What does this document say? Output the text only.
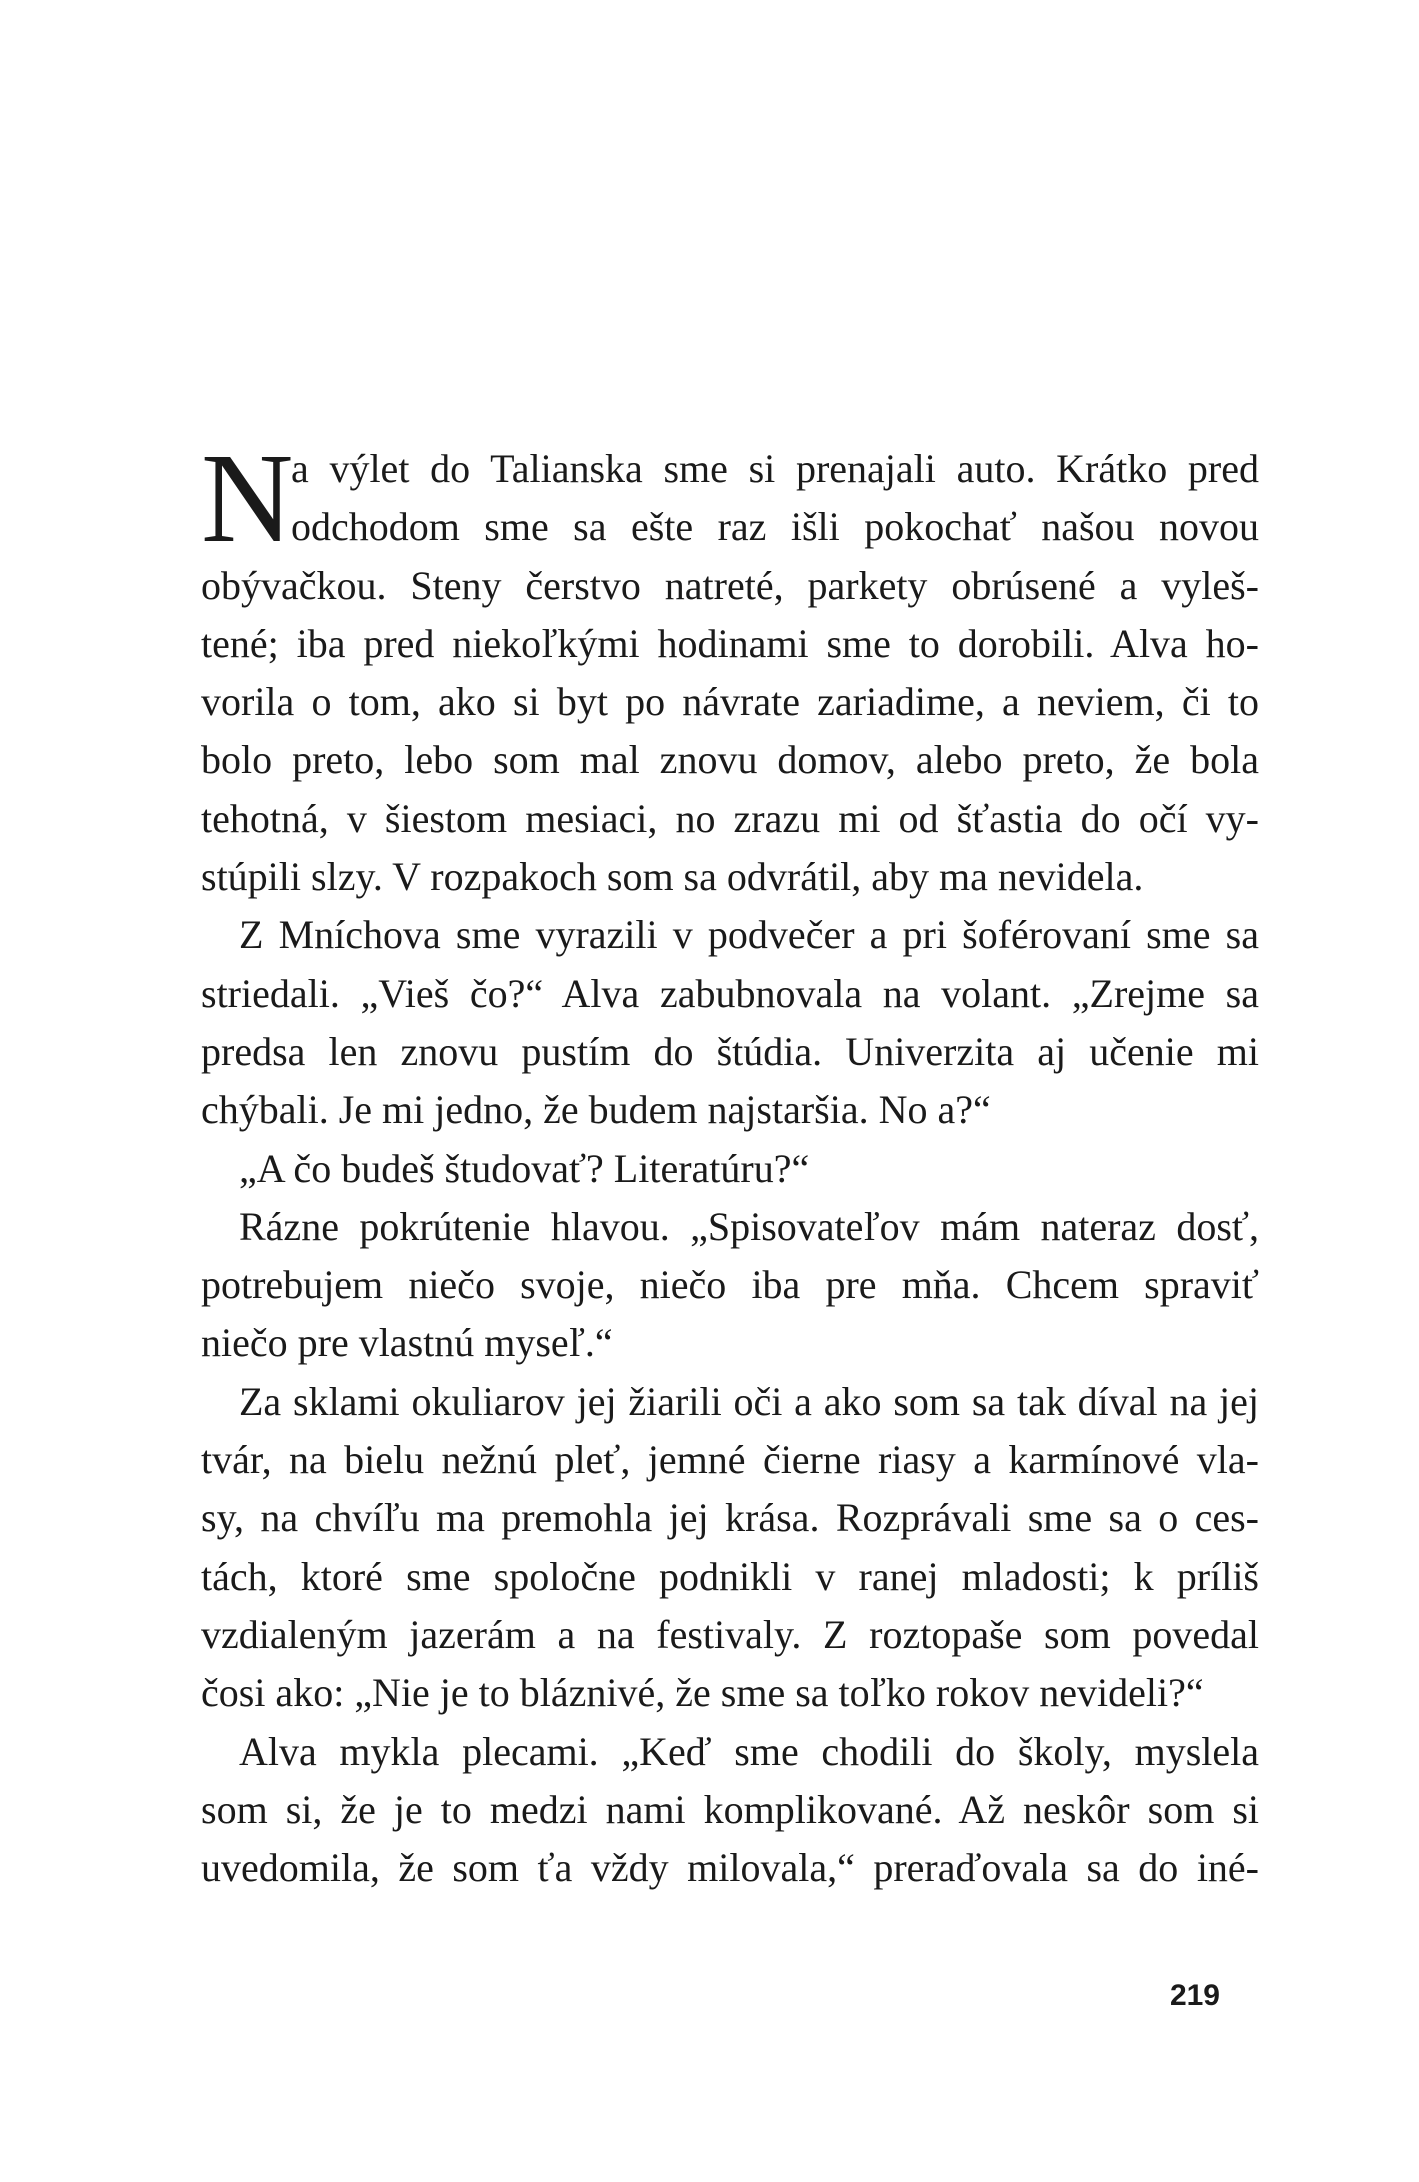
N
a výlet do Talianska sme si prenajali auto. Krátko pred
odchodom sme sa ešte raz išli pokochať našou novou
obývačkou. Steny čerstvo natreté, parkety obrúsené a vyleš-
tené; iba pred niekoľkými hodinami sme to dorobili. Alva ho-
vorila o tom, ako si byt po návrate zariadime, a neviem, či to
bolo preto, lebo som mal znovu domov, alebo preto, že bola
tehotná, v šiestom mesiaci, no zrazu mi od šťastia do očí vy-
stúpili slzy. V rozpakoch som sa odvrátil, aby ma nevidela.
Z Mníchova sme vyrazili v podvečer a pri šoférovaní sme sa
striedali. „Vieš čo?“ Alva zabubnovala na volant. „Zrejme sa
predsa len znovu pustím do štúdia. Univerzita aj učenie mi
chýbali. Je mi jedno, že budem najstaršia. No a?“
„A čo budeš študovať? Literatúru?“
Rázne pokrútenie hlavou. „Spisovateľov mám nateraz dosť,
potrebujem niečo svoje, niečo iba pre mňa. Chcem spraviť
niečo pre vlastnú myseľ.“
Za sklami okuliarov jej žiarili oči a ako som sa tak díval na jej
tvár, na bielu nežnú pleť, jemné čierne riasy a karmínové vla-
sy, na chvíľu ma premohla jej krása. Rozprávali sme sa o ces-
tách, ktoré sme spoločne podnikli v ranej mladosti; k príliš
vzdialeným jazerám a na festivaly. Z roztopaše som povedal
čosi ako: „Nie je to bláznivé, že sme sa toľko rokov nevideli?“
Alva mykla plecami. „Keď sme chodili do školy, myslela
som si, že je to medzi nami komplikované. Až neskôr som si
uvedomila, že som ťa vždy milovala,“ preraďovala sa do iné-
219
